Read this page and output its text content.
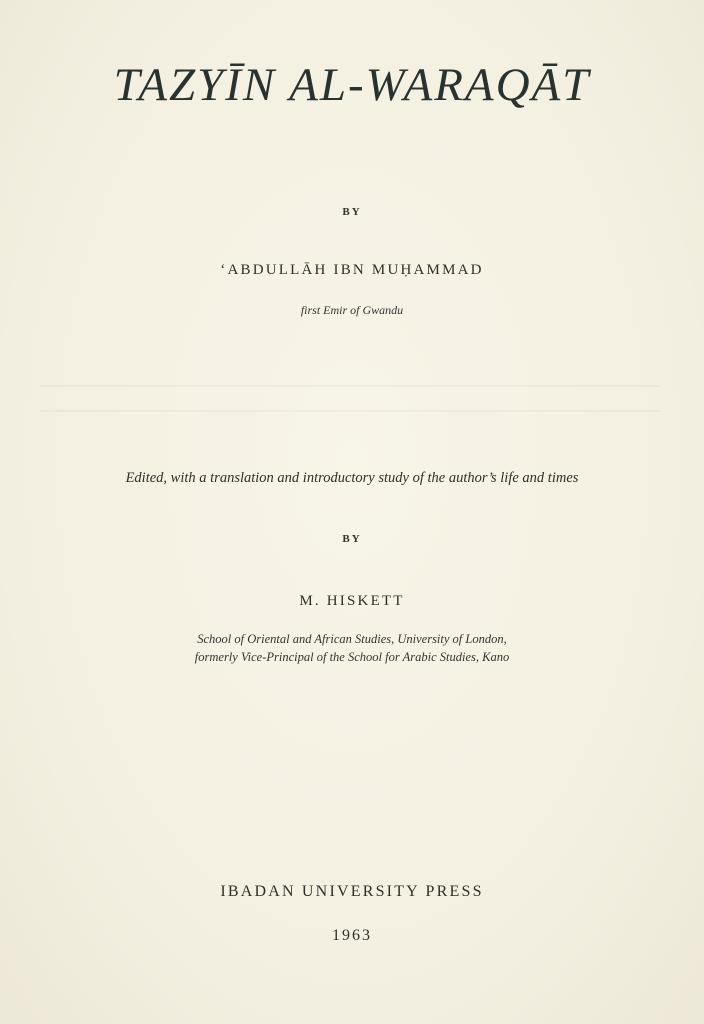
TAZYĪN AL-WARAQĀT
BY
ʻABDULLĀH IBN MUḤAMMAD
first Emir of Gwandu
Edited, with a translation and introductory study of the author’s life and times
BY
M. HISKETT
School of Oriental and African Studies, University of London,
formerly Vice-Principal of the School for Arabic Studies, Kano
IBADAN UNIVERSITY PRESS
1963
